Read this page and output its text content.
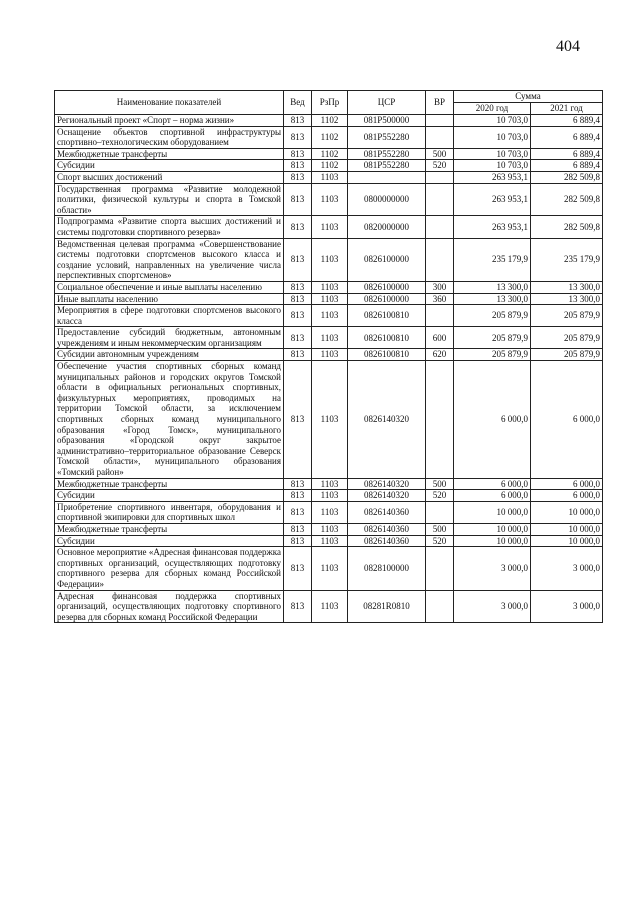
404
Наименование показателей	Вед	РзПр	ЦСР	ВР	Сумма	
					2020 год	2021 год
Региональный проект «Спорт – норма жизни»	813	1102	081P500000		10 703,0	6 889,4
Оснащение объектов спортивной инфраструктуры спортивно–технологическим оборудованием	813	1102	081P552280		10 703,0	6 889,4
Межбюджетные трансферты	813	1102	081P552280	500	10 703,0	6 889,4
Субсидии	813	1102	081P552280	520	10 703,0	6 889,4
Спорт высших достижений	813	1103			263 953,1	282 509,8
Государственная программа «Развитие молодежной политики, физической культуры и спорта в Томской области»	813	1103	0800000000		263 953,1	282 509,8
Подпрограмма «Развитие спорта высших достижений и системы подготовки спортивного резерва»	813	1103	0820000000		263 953,1	282 509,8
Ведомственная целевая программа «Совершенствование системы подготовки спортсменов высокого класса и создание условий, направленных на увеличение числа перспективных спортсменов»	813	1103	0826100000		235 179,9	235 179,9
Социальное обеспечение и иные выплаты населению	813	1103	0826100000	300	13 300,0	13 300,0
Иные выплаты населению	813	1103	0826100000	360	13 300,0	13 300,0
Мероприятия в сфере подготовки спортсменов высокого класса	813	1103	0826100810		205 879,9	205 879,9
Предоставление субсидий бюджетным, автономным учреждениям и иным некоммерческим организациям	813	1103	0826100810	600	205 879,9	205 879,9
Субсидии автономным учреждениям	813	1103	0826100810	620	205 879,9	205 879,9
Обеспечение участия спортивных сборных команд муниципальных районов и городских округов Томской области в официальных региональных спортивных, физкультурных мероприятиях, проводимых на территории Томской области, за исключением спортивных сборных команд муниципального образования «Город Томск», муниципального образования «Городской округ закрытое административно–территориальное образование Северск Томской области», муниципального образования «Томский район»	813	1103	0826140320		6 000,0	6 000,0
Межбюджетные трансферты	813	1103	0826140320	500	6 000,0	6 000,0
Субсидии	813	1103	0826140320	520	6 000,0	6 000,0
Приобретение спортивного инвентаря, оборудования и спортивной экипировки для спортивных школ	813	1103	0826140360		10 000,0	10 000,0
Межбюджетные трансферты	813	1103	0826140360	500	10 000,0	10 000,0
Субсидии	813	1103	0826140360	520	10 000,0	10 000,0
Основное мероприятие «Адресная финансовая поддержка спортивных организаций, осуществляющих подготовку спортивного резерва для сборных команд Российской Федерации»	813	1103	0828100000		3 000,0	3 000,0
Адресная финансовая поддержка спортивных организаций, осуществляющих подготовку спортивного резерва для сборных команд Российской Федерации	813	1103	08281R0810		3 000,0	3 000,0
